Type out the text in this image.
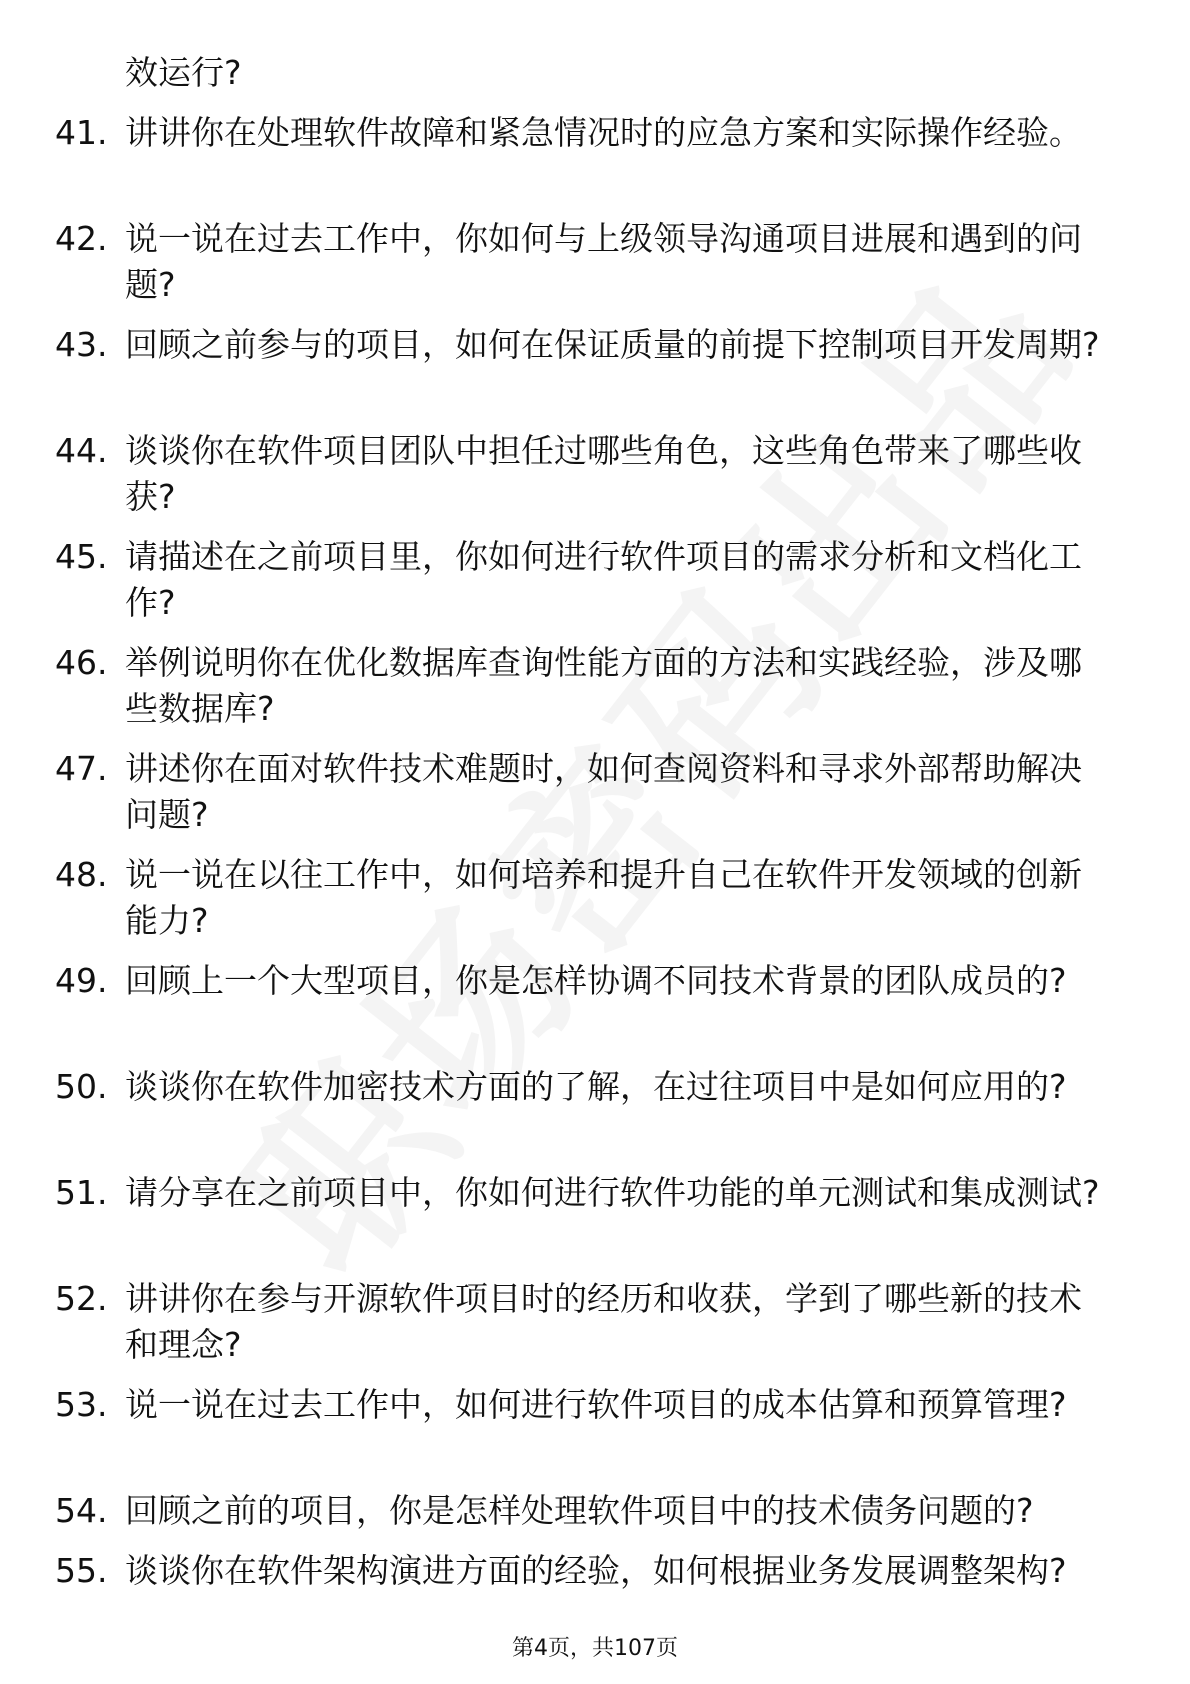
效运行?
41. 讲讲你在处理软件故障和紧急情况时的应急方案和实际操作经验。
42. 说一说在过去工作中，你如何与上级领导沟通项目进展和遇到的问题?
43. 回顾之前参与的项目，如何在保证质量的前提下控制项目开发周期?
44. 谈谈你在软件项目团队中担任过哪些角色，这些角色带来了哪些收获?
45. 请描述在之前项目里，你如何进行软件项目的需求分析和文档化工作?
46. 举例说明你在优化数据库查询性能方面的方法和实践经验，涉及哪些数据库?
47. 讲述你在面对软件技术难题时，如何查阅资料和寻求外部帮助解决问题?
48. 说一说在以往工作中，如何培养和提升自己在软件开发领域的创新能力?
49. 回顾上一个大型项目，你是怎样协调不同技术背景的团队成员的?
50. 谈谈你在软件加密技术方面的了解，在过往项目中是如何应用的?
51. 请分享在之前项目中，你如何进行软件功能的单元测试和集成测试?
52. 讲讲你在参与开源软件项目时的经历和收获，学到了哪些新的技术和理念?
53. 说一说在过去工作中，如何进行软件项目的成本估算和预算管理?
54. 回顾之前的项目，你是怎样处理软件项目中的技术债务问题的?
55. 谈谈你在软件架构演进方面的经验，如何根据业务发展调整架构?
第4页，共107页
